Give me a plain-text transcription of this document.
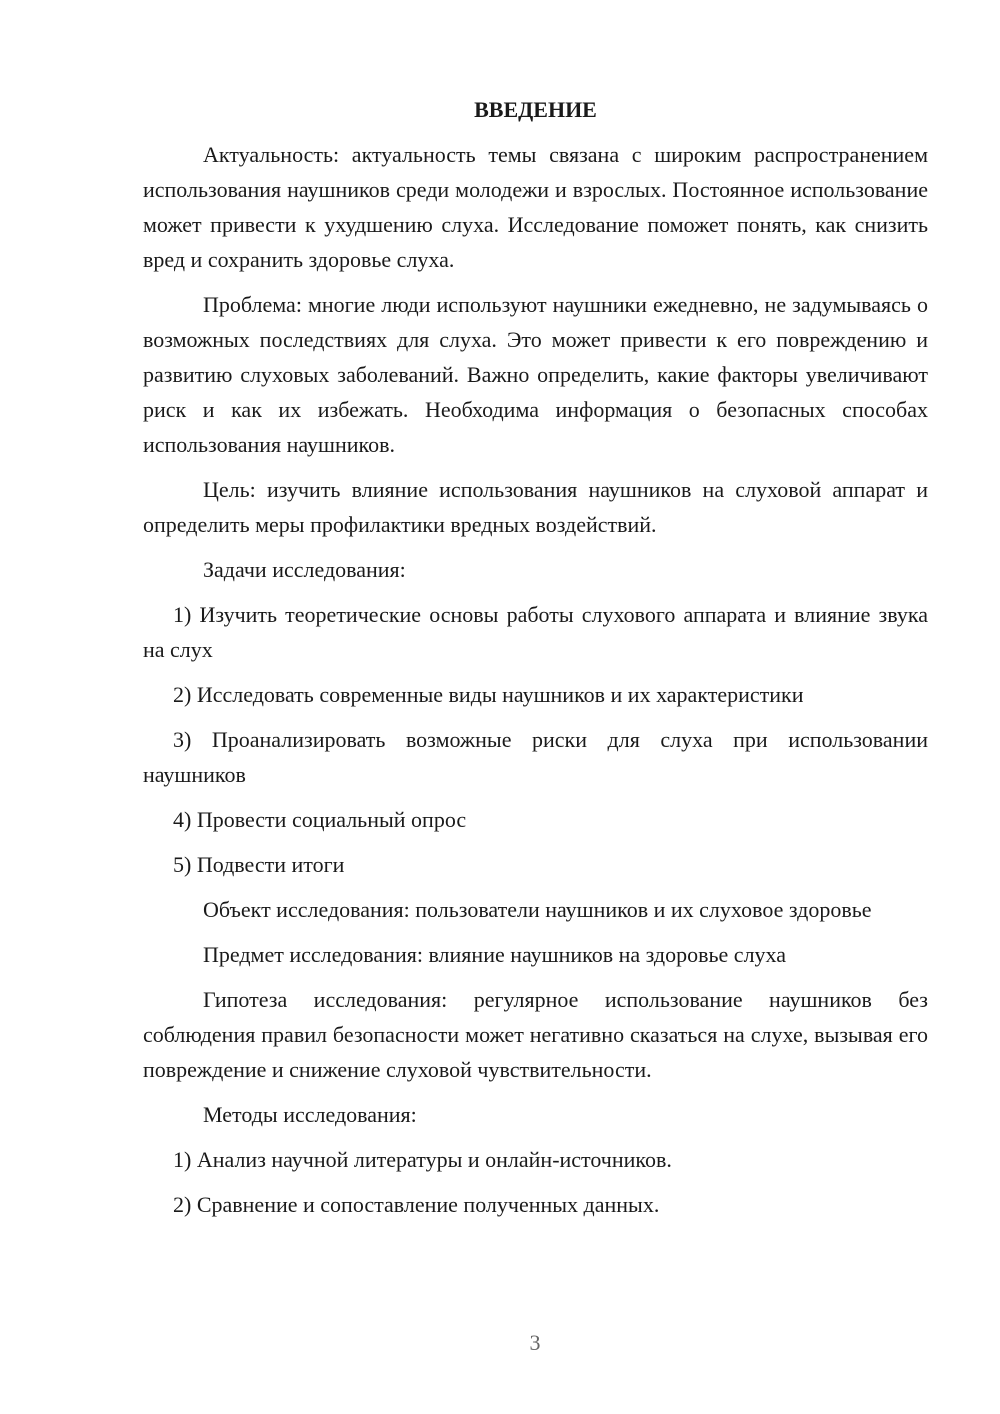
ВВЕДЕНИЕ

Актуальность: актуальность темы связана с широким распространением использования наушников среди молодежи и взрослых. Постоянное использование может привести к ухудшению слуха. Исследование поможет понять, как снизить вред и сохранить здоровье слуха.

Проблема: многие люди используют наушники ежедневно, не задумываясь о возможных последствиях для слуха. Это может привести к его повреждению и развитию слуховых заболеваний. Важно определить, какие факторы увеличивают риск и как их избежать. Необходима информация о безопасных способах использования наушников.

Цель: изучить влияние использования наушников на слуховой аппарат и определить меры профилактики вредных воздействий.

Задачи исследования:

1) Изучить теоретические основы работы слухового аппарата и влияние звука на слух

2) Исследовать современные виды наушников и их характеристики

3) Проанализировать возможные риски для слуха при использовании наушников

4) Провести социальный опрос

5) Подвести итоги

Объект исследования: пользователи наушников и их слуховое здоровье

Предмет исследования: влияние наушников на здоровье слуха

Гипотеза исследования: регулярное использование наушников без соблюдения правил безопасности может негативно сказаться на слухе, вызывая его повреждение и снижение слуховой чувствительности.

Методы исследования:

1) Анализ научной литературы и онлайн-источников.

2) Сравнение и сопоставление полученных данных.

3
